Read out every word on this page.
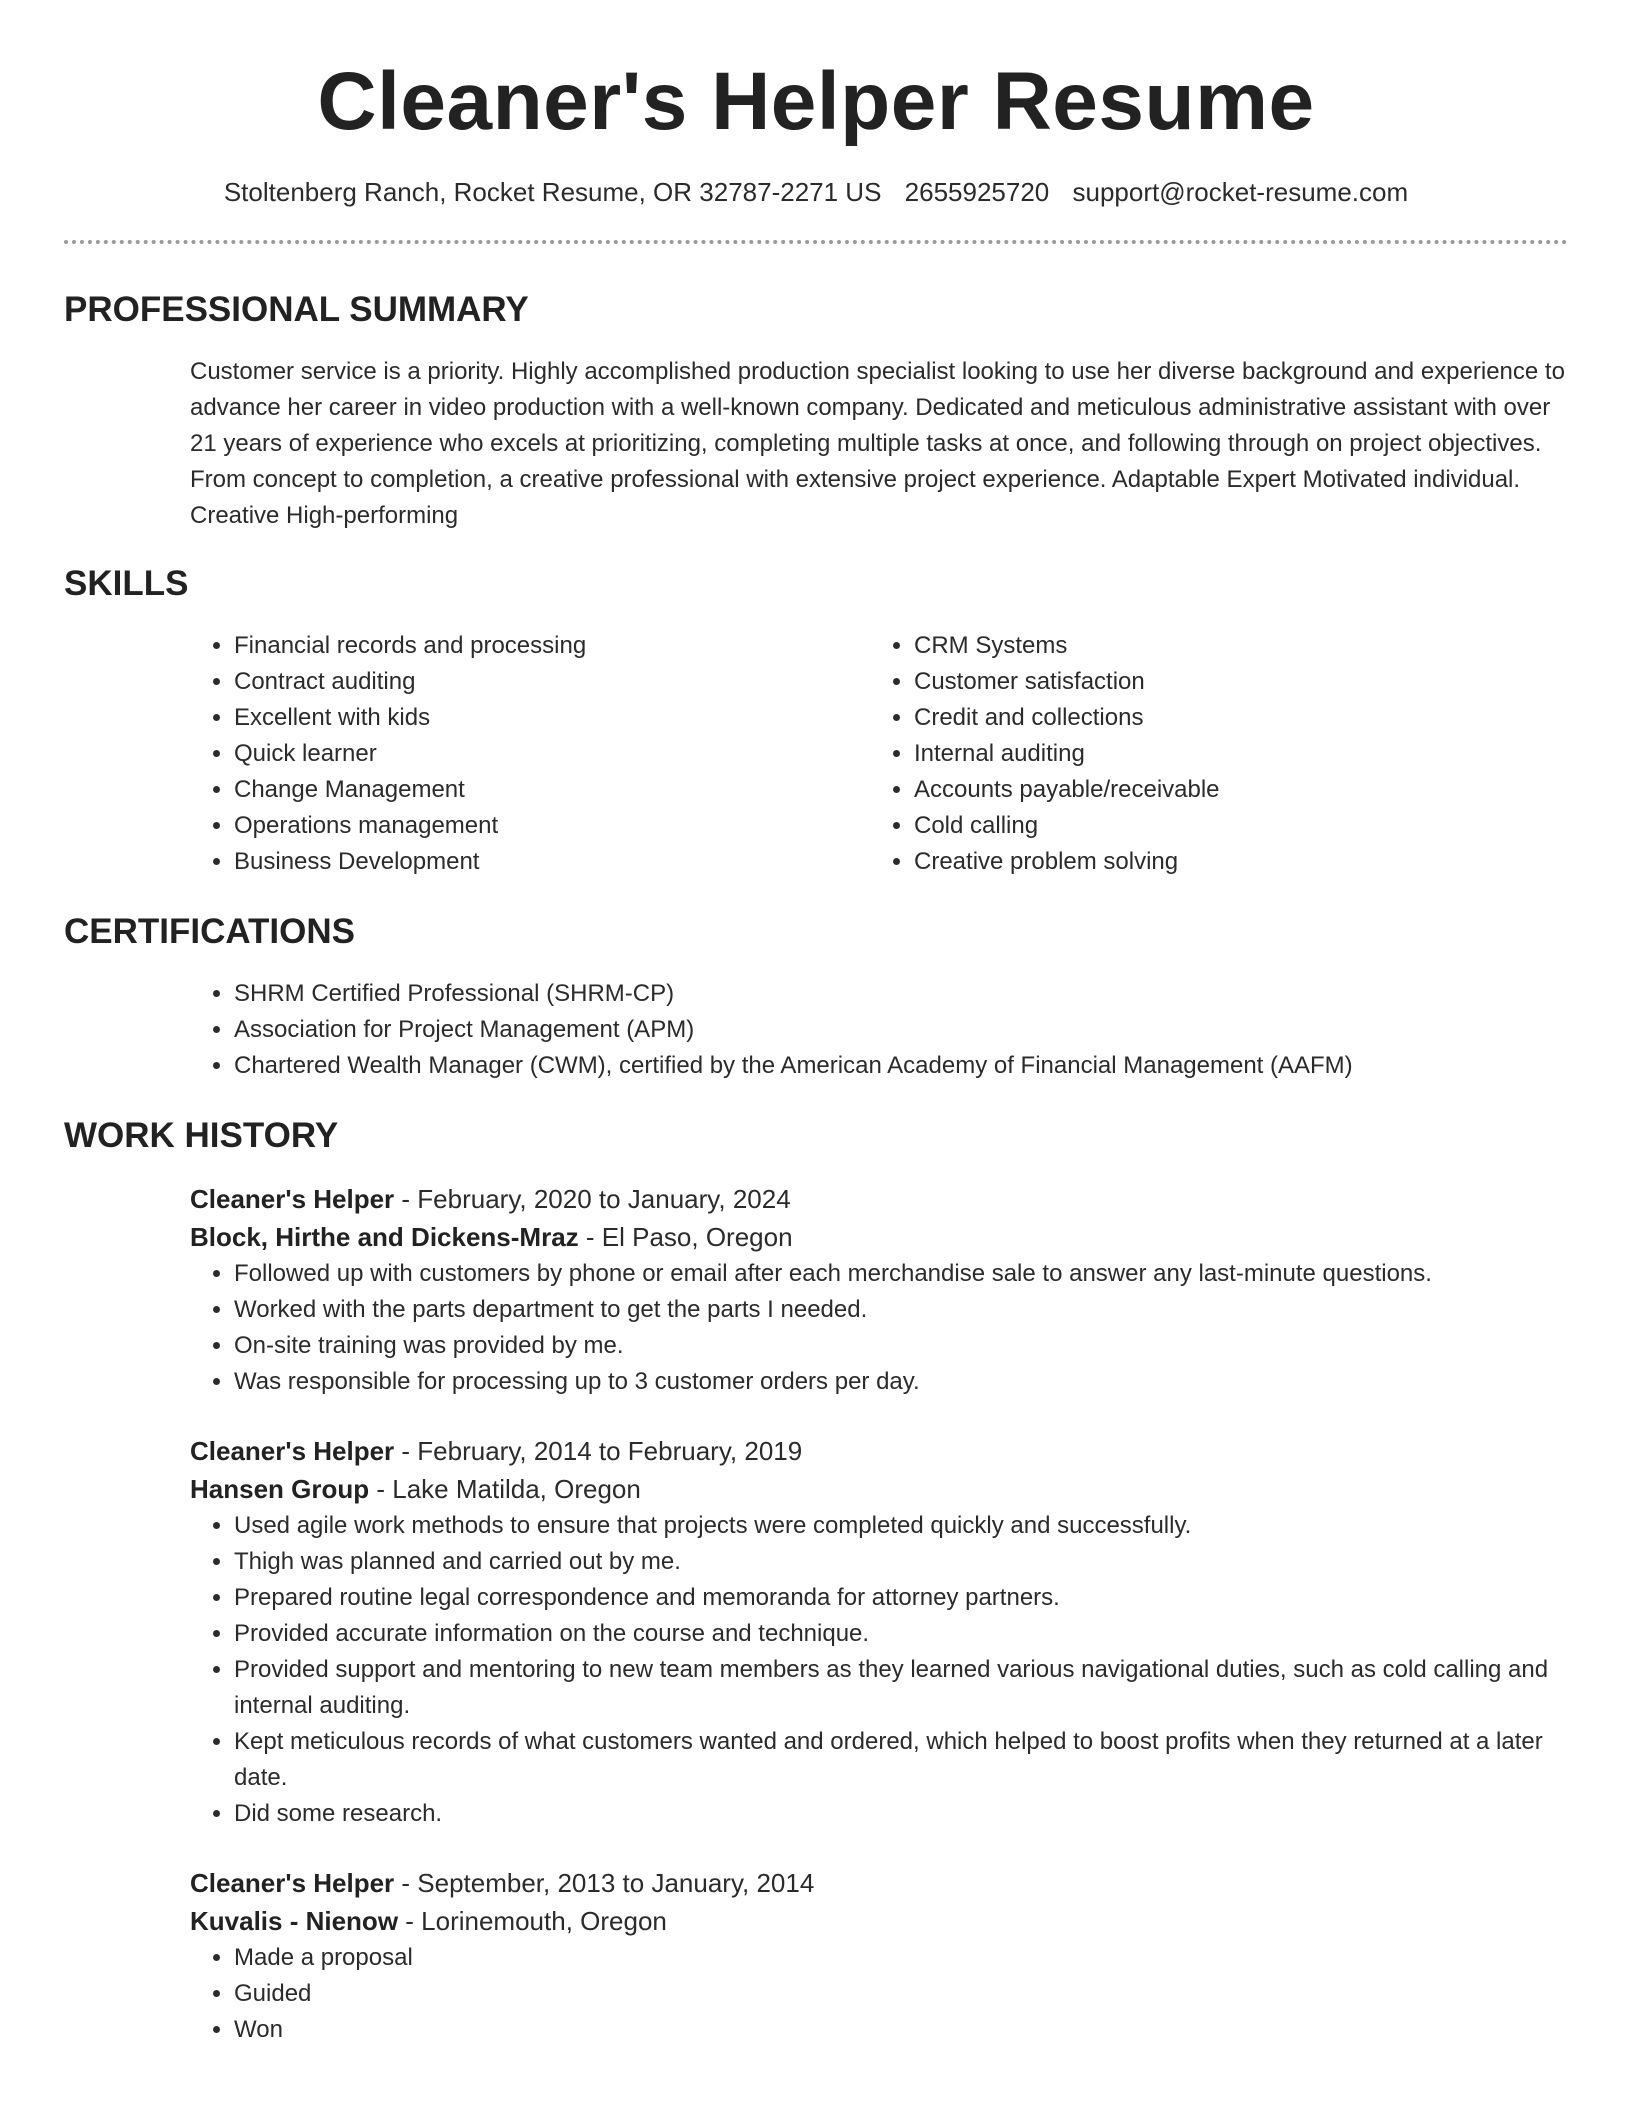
Cleaner's Helper Resume
Stoltenberg Ranch, Rocket Resume, OR 32787-2271 US 2655925720 support@rocket-resume.com
PROFESSIONAL SUMMARY
Customer service is a priority. Highly accomplished production specialist looking to use her diverse background and experience to advance her career in video production with a well-known company. Dedicated and meticulous administrative assistant with over 21 years of experience who excels at prioritizing, completing multiple tasks at once, and following through on project objectives. From concept to completion, a creative professional with extensive project experience. Adaptable Expert Motivated individual. Creative High-performing
SKILLS
• Financial records and processing
• Contract auditing
• Excellent with kids
• Quick learner
• Change Management
• Operations management
• Business Development
• CRM Systems
• Customer satisfaction
• Credit and collections
• Internal auditing
• Accounts payable/receivable
• Cold calling
• Creative problem solving
CERTIFICATIONS
• SHRM Certified Professional (SHRM-CP)
• Association for Project Management (APM)
• Chartered Wealth Manager (CWM), certified by the American Academy of Financial Management (AAFM)
WORK HISTORY
Cleaner's Helper - February, 2020 to January, 2024
Block, Hirthe and Dickens-Mraz - El Paso, Oregon
• Followed up with customers by phone or email after each merchandise sale to answer any last-minute questions.
• Worked with the parts department to get the parts I needed.
• On-site training was provided by me.
• Was responsible for processing up to 3 customer orders per day.
Cleaner's Helper - February, 2014 to February, 2019
Hansen Group - Lake Matilda, Oregon
• Used agile work methods to ensure that projects were completed quickly and successfully.
• Thigh was planned and carried out by me.
• Prepared routine legal correspondence and memoranda for attorney partners.
• Provided accurate information on the course and technique.
• Provided support and mentoring to new team members as they learned various navigational duties, such as cold calling and internal auditing.
• Kept meticulous records of what customers wanted and ordered, which helped to boost profits when they returned at a later date.
• Did some research.
Cleaner's Helper - September, 2013 to January, 2014
Kuvalis - Nienow - Lorinemouth, Oregon
• Made a proposal
• Guided
• Won
